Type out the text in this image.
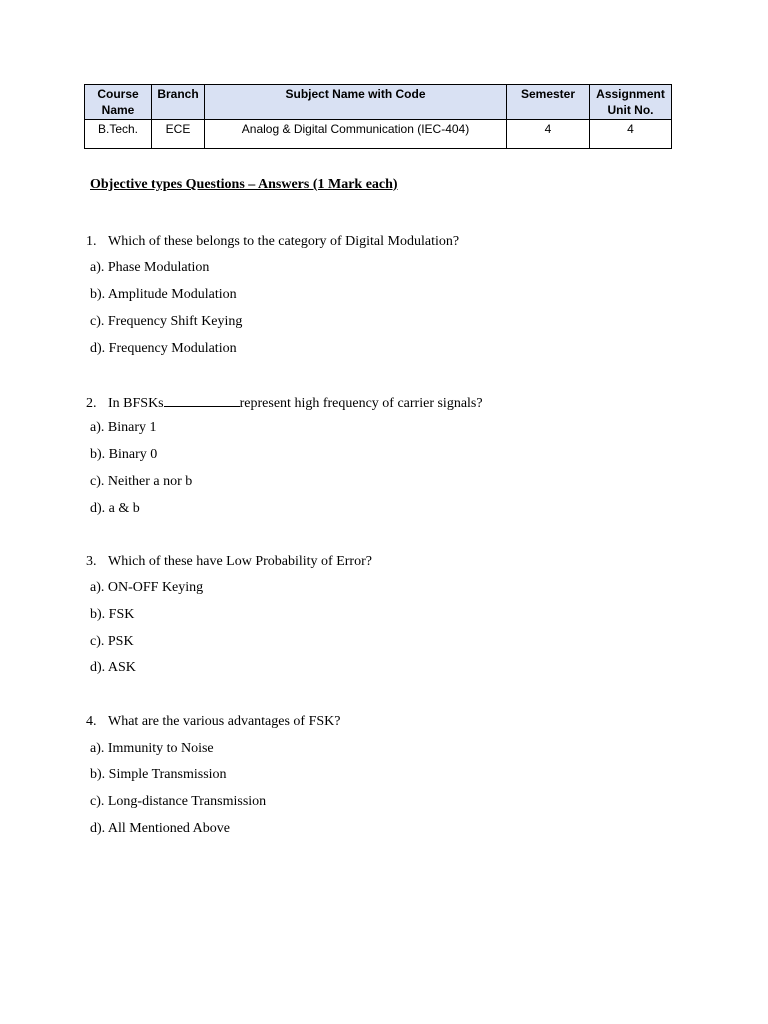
Course Name	Branch	Subject Name with Code	Semester	Assignment Unit No.
B.Tech.	ECE	Analog & Digital Communication (IEC-404)	4	4
Objective types Questions – Answers (1 Mark each)
1. Which of these belongs to the category of Digital Modulation?
a). Phase Modulation
b). Amplitude Modulation
c). Frequency Shift Keying
d). Frequency Modulation
2. In BFSKs	represent high frequency of carrier signals?
a). Binary 1
b). Binary 0
c). Neither a nor b
d). a & b
3. Which of these have Low Probability of Error?
a). ON-OFF Keying
b). FSK
c). PSK
d). ASK
4. What are the various advantages of FSK?
a). Immunity to Noise
b). Simple Transmission
c). Long-distance Transmission
d). All Mentioned Above
